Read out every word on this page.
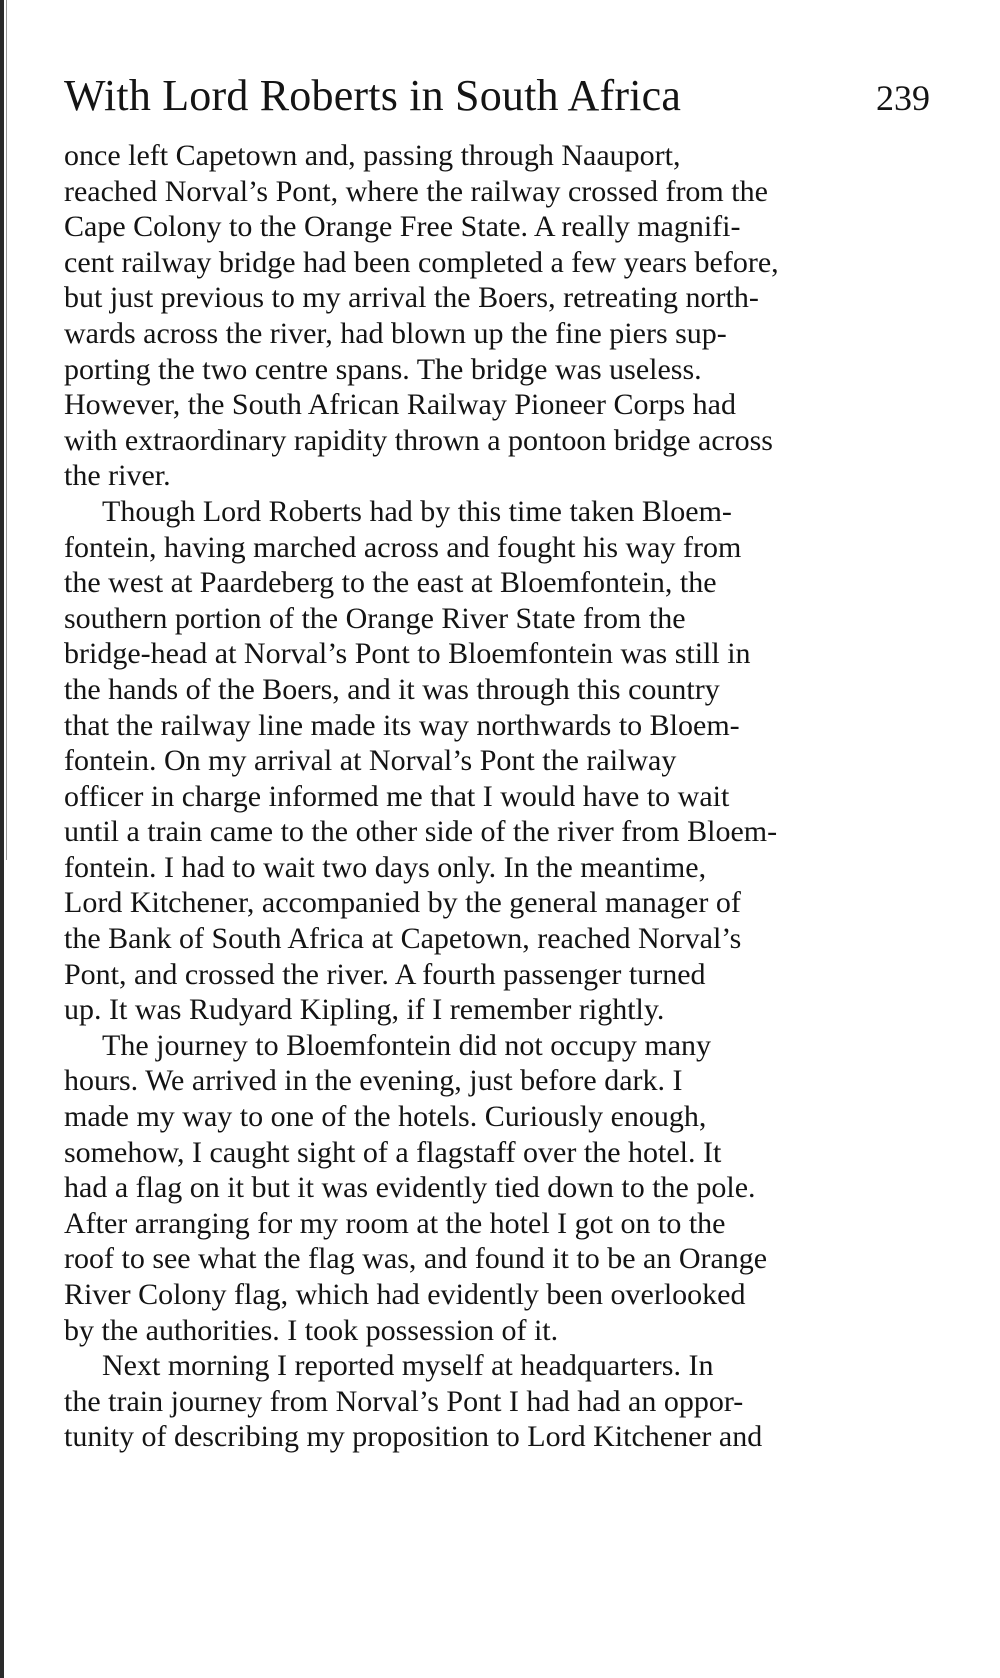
With Lord Roberts in South Africa	239
once left Capetown and, passing through Naauport,
reached Norval’s Pont, where the railway crossed from the
Cape Colony to the Orange Free State. A really magnifi-
cent railway bridge had been completed a few years before,
but just previous to my arrival the Boers, retreating north-
wards across the river, had blown up the fine piers sup-
porting the two centre spans. The bridge was useless.
However, the South African Railway Pioneer Corps had
with extraordinary rapidity thrown a pontoon bridge across
the river.
Though Lord Roberts had by this time taken Bloem-
fontein, having marched across and fought his way from
the west at Paardeberg to the east at Bloemfontein, the
southern portion of the Orange River State from the
bridge-head at Norval’s Pont to Bloemfontein was still in
the hands of the Boers, and it was through this country
that the railway line made its way northwards to Bloem-
fontein. On my arrival at Norval’s Pont the railway
officer in charge informed me that I would have to wait
until a train came to the other side of the river from Bloem-
fontein. I had to wait two days only. In the meantime,
Lord Kitchener, accompanied by the general manager of
the Bank of South Africa at Capetown, reached Norval’s
Pont, and crossed the river. A fourth passenger turned
up. It was Rudyard Kipling, if I remember rightly.
The journey to Bloemfontein did not occupy many
hours. We arrived in the evening, just before dark. I
made my way to one of the hotels. Curiously enough,
somehow, I caught sight of a flagstaff over the hotel. It
had a flag on it but it was evidently tied down to the pole.
After arranging for my room at the hotel I got on to the
roof to see what the flag was, and found it to be an Orange
River Colony flag, which had evidently been overlooked
by the authorities. I took possession of it.
Next morning I reported myself at headquarters. In
the train journey from Norval’s Pont I had had an oppor-
tunity of describing my proposition to Lord Kitchener and
